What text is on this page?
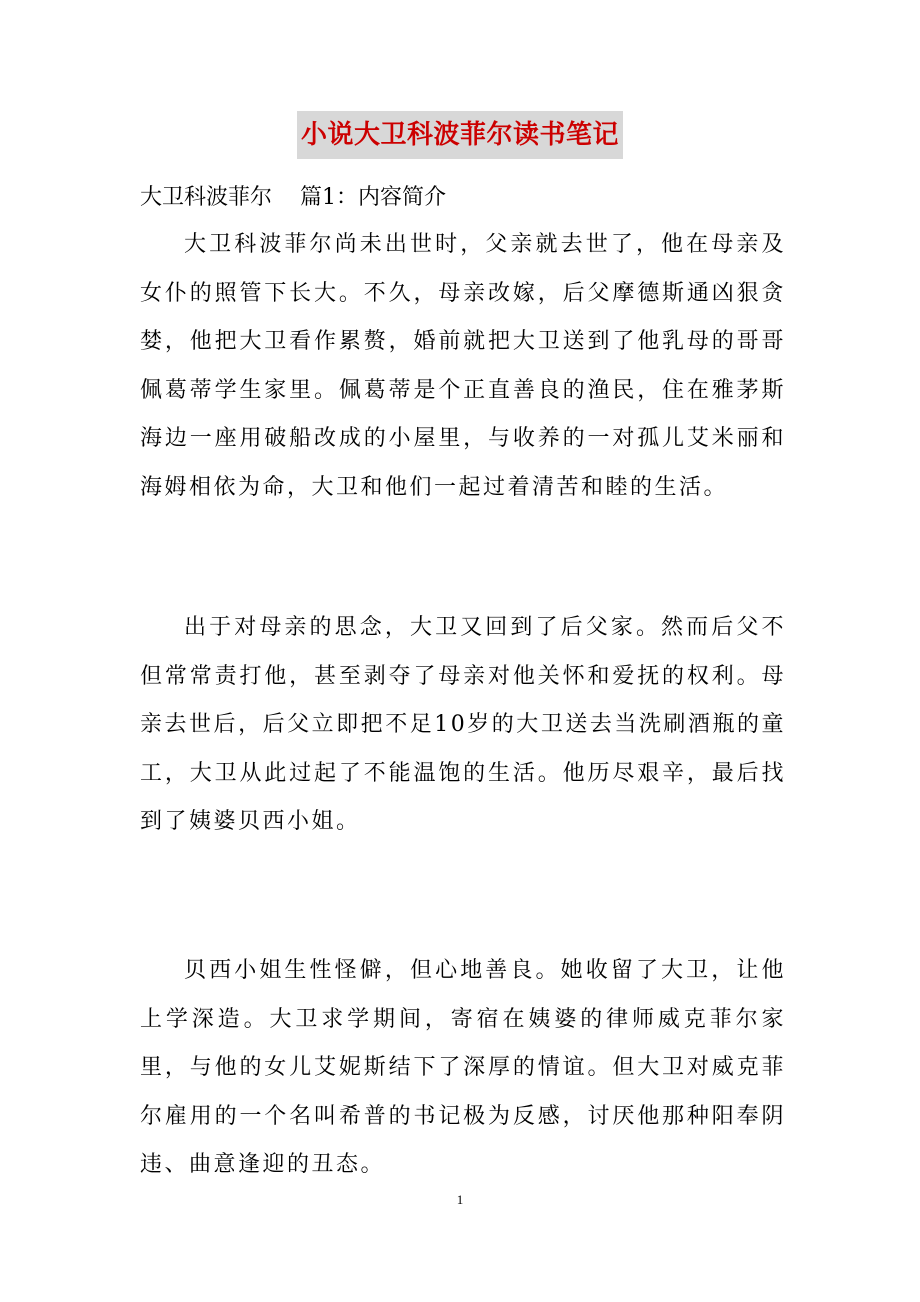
小说大卫科波菲尔读书笔记
大卫科波菲尔    篇1：内容简介

大卫科波菲尔尚未出世时，父亲就去世了，他在母亲及女仆的照管下长大。不久，母亲改嫁，后父摩德斯通凶狠贪婪，他把大卫看作累赘，婚前就把大卫送到了他乳母的哥哥佩葛蒂学生家里。佩葛蒂是个正直善良的渔民，住在雅茅斯海边一座用破船改成的小屋里，与收养的一对孤儿艾米丽和海姆相依为命，大卫和他们一起过着清苦和睦的生活。

出于对母亲的思念，大卫又回到了后父家。然而后父不但常常责打他，甚至剥夺了母亲对他关怀和爱抚的权利。母亲去世后，后父立即把不足10岁的大卫送去当洗刷酒瓶的童工，大卫从此过起了不能温饱的生活。他历尽艰辛，最后找到了姨婆贝西小姐。

贝西小姐生性怪僻，但心地善良。她收留了大卫，让他上学深造。大卫求学期间，寄宿在姨婆的律师威克菲尔家里，与他的女儿艾妮斯结下了深厚的情谊。但大卫对威克菲尔雇用的一个名叫希普的书记极为反感，讨厌他那种阳奉阴违、曲意逢迎的丑态。

1
